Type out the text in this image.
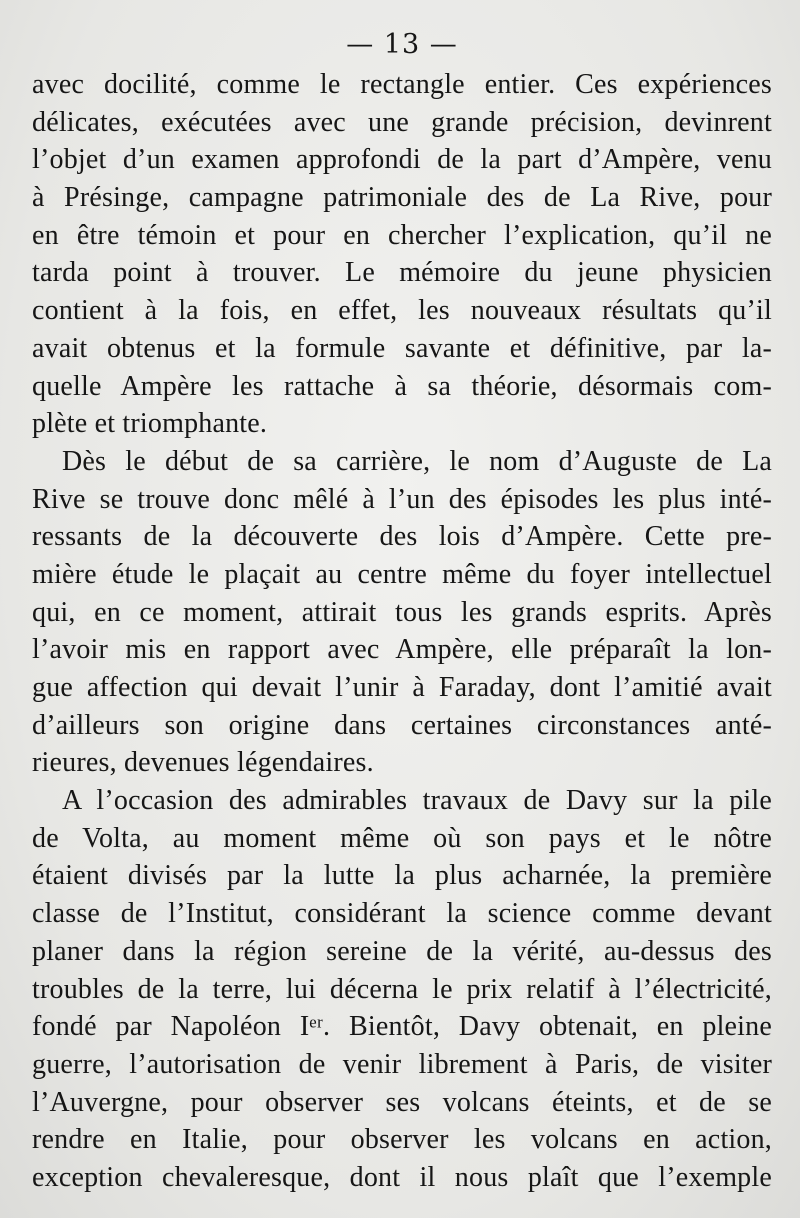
— 13 —
avec docilité, comme le rectangle entier. Ces expériences
délicates, exécutées avec une grande précision, devinrent
l’objet d’un examen approfondi de la part d’Ampère, venu
à Présinge, campagne patrimoniale des de La Rive, pour
en être témoin et pour en chercher l’explication, qu’il ne
tarda point à trouver. Le mémoire du jeune physicien
contient à la fois, en effet, les nouveaux résultats qu’il
avait obtenus et la formule savante et définitive, par la-
quelle Ampère les rattache à sa théorie, désormais com-
plète et triomphante.
Dès le début de sa carrière, le nom d’Auguste de La
Rive se trouve donc mêlé à l’un des épisodes les plus inté-
ressants de la découverte des lois d’Ampère. Cette pre-
mière étude le plaçait au centre même du foyer intellectuel
qui, en ce moment, attirait tous les grands esprits. Après
l’avoir mis en rapport avec Ampère, elle préparaît la lon-
gue affection qui devait l’unir à Faraday, dont l’amitié avait
d’ailleurs son origine dans certaines circonstances anté-
rieures, devenues légendaires.
A l’occasion des admirables travaux de Davy sur la pile
de Volta, au moment même où son pays et le nôtre
étaient divisés par la lutte la plus acharnée, la première
classe de l’Institut, considérant la science comme devant
planer dans la région sereine de la vérité, au-dessus des
troubles de la terre, lui décerna le prix relatif à l’électricité,
fondé par Napoléon Iᵉʳ. Bientôt, Davy obtenait, en pleine
guerre, l’autorisation de venir librement à Paris, de visiter
l’Auvergne, pour observer ses volcans éteints, et de se
rendre en Italie, pour observer les volcans en action,
exception chevaleresque, dont il nous plaît que l’exemple
